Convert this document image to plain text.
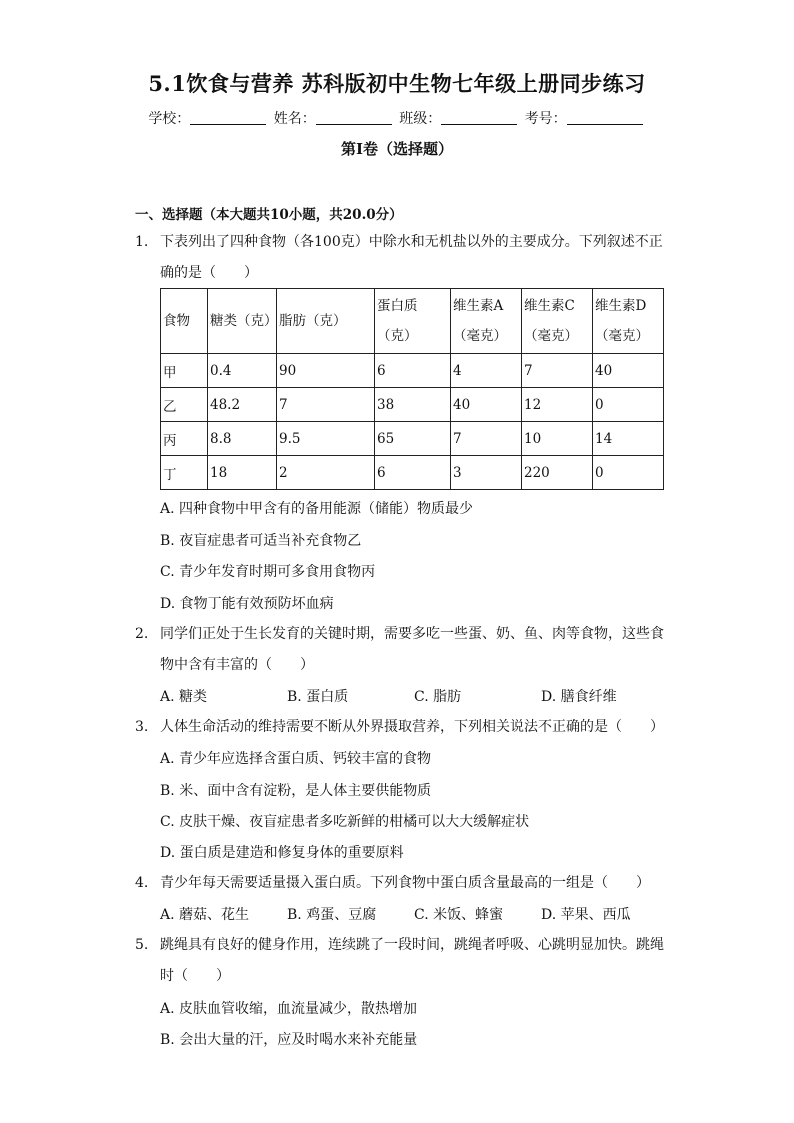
5.1饮食与营养 苏科版初中生物七年级上册同步练习
学校：	姓名：	班级：	考号：
第I卷（选择题）
一、选择题（本大题共10小题，共20.0分）
1. 下表列出了四种食物（各100克）中除水和无机盐以外的主要成分。下列叙述不正确的是（　　）
食物	糖类（克）	脂肪（克）	蛋白质（克）	维生素A（毫克）	维生素C（毫克）	维生素D（毫克）
甲	0.4	90	6	4	7	40
乙	48.2	7	38	40	12	0
丙	8.8	9.5	65	7	10	14
丁	18	2	6	3	220	0
A. 四种食物中甲含有的备用能源（储能）物质最少
B. 夜盲症患者可适当补充食物乙
C. 青少年发育时期可多食用食物丙
D. 食物丁能有效预防坏血病
2. 同学们正处于生长发育的关键时期，需要多吃一些蛋、奶、鱼、肉等食物，这些食物中含有丰富的（　　）
A. 糖类	B. 蛋白质	C. 脂肪	D. 膳食纤维
3. 人体生命活动的维持需要不断从外界摄取营养，下列相关说法不正确的是（　　）
A. 青少年应选择含蛋白质、钙较丰富的食物
B. 米、面中含有淀粉，是人体主要供能物质
C. 皮肤干燥、夜盲症患者多吃新鲜的柑橘可以大大缓解症状
D. 蛋白质是建造和修复身体的重要原料
4. 青少年每天需要适量摄入蛋白质。下列食物中蛋白质含量最高的一组是（　　）
A. 蘑菇、花生	B. 鸡蛋、豆腐	C. 米饭、蜂蜜	D. 苹果、西瓜
5. 跳绳具有良好的健身作用，连续跳了一段时间，跳绳者呼吸、心跳明显加快。跳绳时（　　）
A. 皮肤血管收缩，血流量减少，散热增加
B. 会出大量的汗，应及时喝水来补充能量
